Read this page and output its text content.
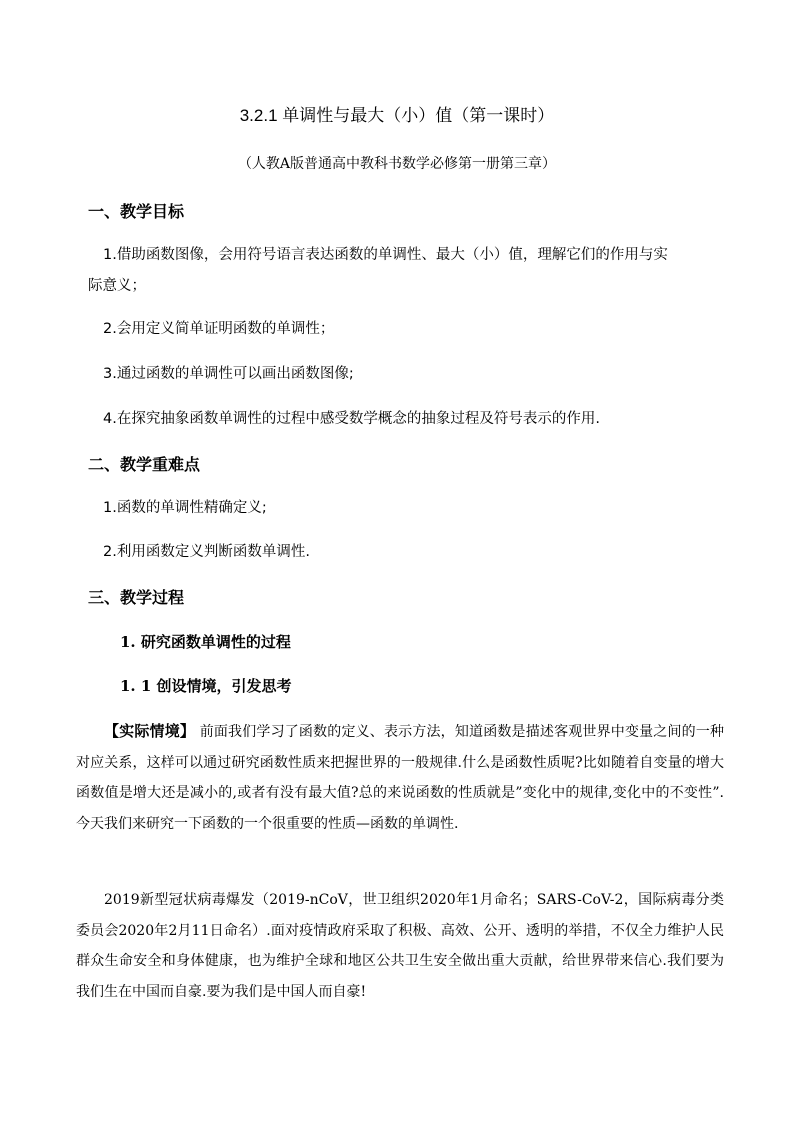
3.2.1 单调性与最大（小）值（第一课时）
（人教A版普通高中教科书数学必修第一册第三章）
一、教学目标
1.借助函数图像，会用符号语言表达函数的单调性、最大（小）值，理解它们的作用与实
际意义；
2.会用定义简单证明函数的单调性；
3.通过函数的单调性可以画出函数图像;
4.在探究抽象函数单调性的过程中感受数学概念的抽象过程及符号表示的作用.
二、教学重难点
1.函数的单调性精确定义;
2.利用函数定义判断函数单调性.
三、教学过程
1. 研究函数单调性的过程
1. 1 创设情境，引发思考

【实际情境】 前面我们学习了函数的定义、表示方法，知道函数是描述客观世界中变量之间的一种对应关系，这样可以通过研究函数性质来把握世界的一般规律.什么是函数性质呢?比如随着自变量的增大函数值是增大还是减小的,或者有没有最大值?总的来说函数的性质就是”变化中的规律,变化中的不变性”.今天我们来研究一下函数的一个很重要的性质—函数的单调性.

2019新型冠状病毒爆发（2019-nCoV，世卫组织2020年1月命名；SARS-CoV-2，国际病毒分类委员会2020年2月11日命名）.面对疫情政府采取了积极、高效、公开、透明的举措，不仅全力维护人民群众生命安全和身体健康，也为维护全球和地区公共卫生安全做出重大贡献，给世界带来信心.我们要为我们生在中国而自豪.要为我们是中国人而自豪!
